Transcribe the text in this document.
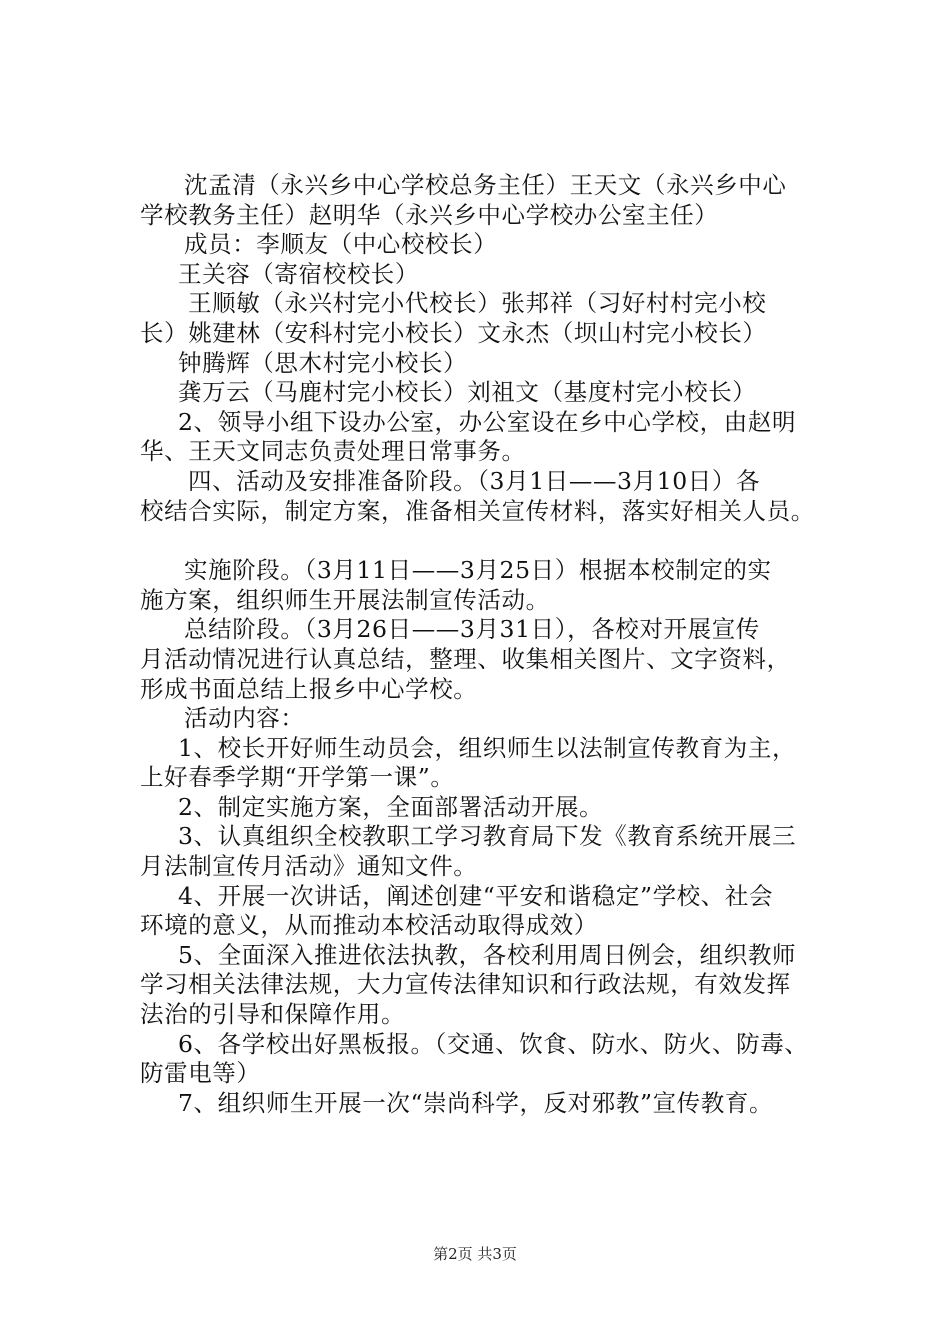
沈孟清（永兴乡中心学校总务主任）王天文（永兴乡中心

学校教务主任）赵明华（永兴乡中心学校办公室主任）

成员：李顺友（中心校校长）

王关容（寄宿校校长）

王顺敏（永兴村完小代校长）张邦祥（习好村村完小校

长）姚建林（安科村完小校长）文永杰（坝山村完小校长）

钟腾辉（思木村完小校长）

龚万云（马鹿村完小校长）刘祖文（基度村完小校长）

2、领导小组下设办公室，办公室设在乡中心学校，由赵明

华、王天文同志负责处理日常事务。

四、活动及安排准备阶段。（3月1日——3月10日）各

校结合实际，制定方案，准备相关宣传材料，落实好相关人员。

实施阶段。（3月11日——3月25日）根据本校制定的实

施方案，组织师生开展法制宣传活动。

总结阶段。（3月26日——3月31日），各校对开展宣传

月活动情况进行认真总结，整理、收集相关图片、文字资料，

形成书面总结上报乡中心学校。

活动内容：

1、校长开好师生动员会，组织师生以法制宣传教育为主，

上好春季学期“开学第一课”。

2、制定实施方案，全面部署活动开展。

3、认真组织全校教职工学习教育局下发《教育系统开展三

月法制宣传月活动》通知文件。

4、开展一次讲话，阐述创建“平安和谐稳定”学校、社会

环境的意义，从而推动本校活动取得成效）

5、全面深入推进依法执教，各校利用周日例会，组织教师

学习相关法律法规，大力宣传法律知识和行政法规，有效发挥

法治的引导和保障作用。

6、各学校出好黑板报。（交通、饮食、防水、防火、防毒、

防雷电等）

7、组织师生开展一次“崇尚科学，反对邪教”宣传教育。

第2页 共3页
